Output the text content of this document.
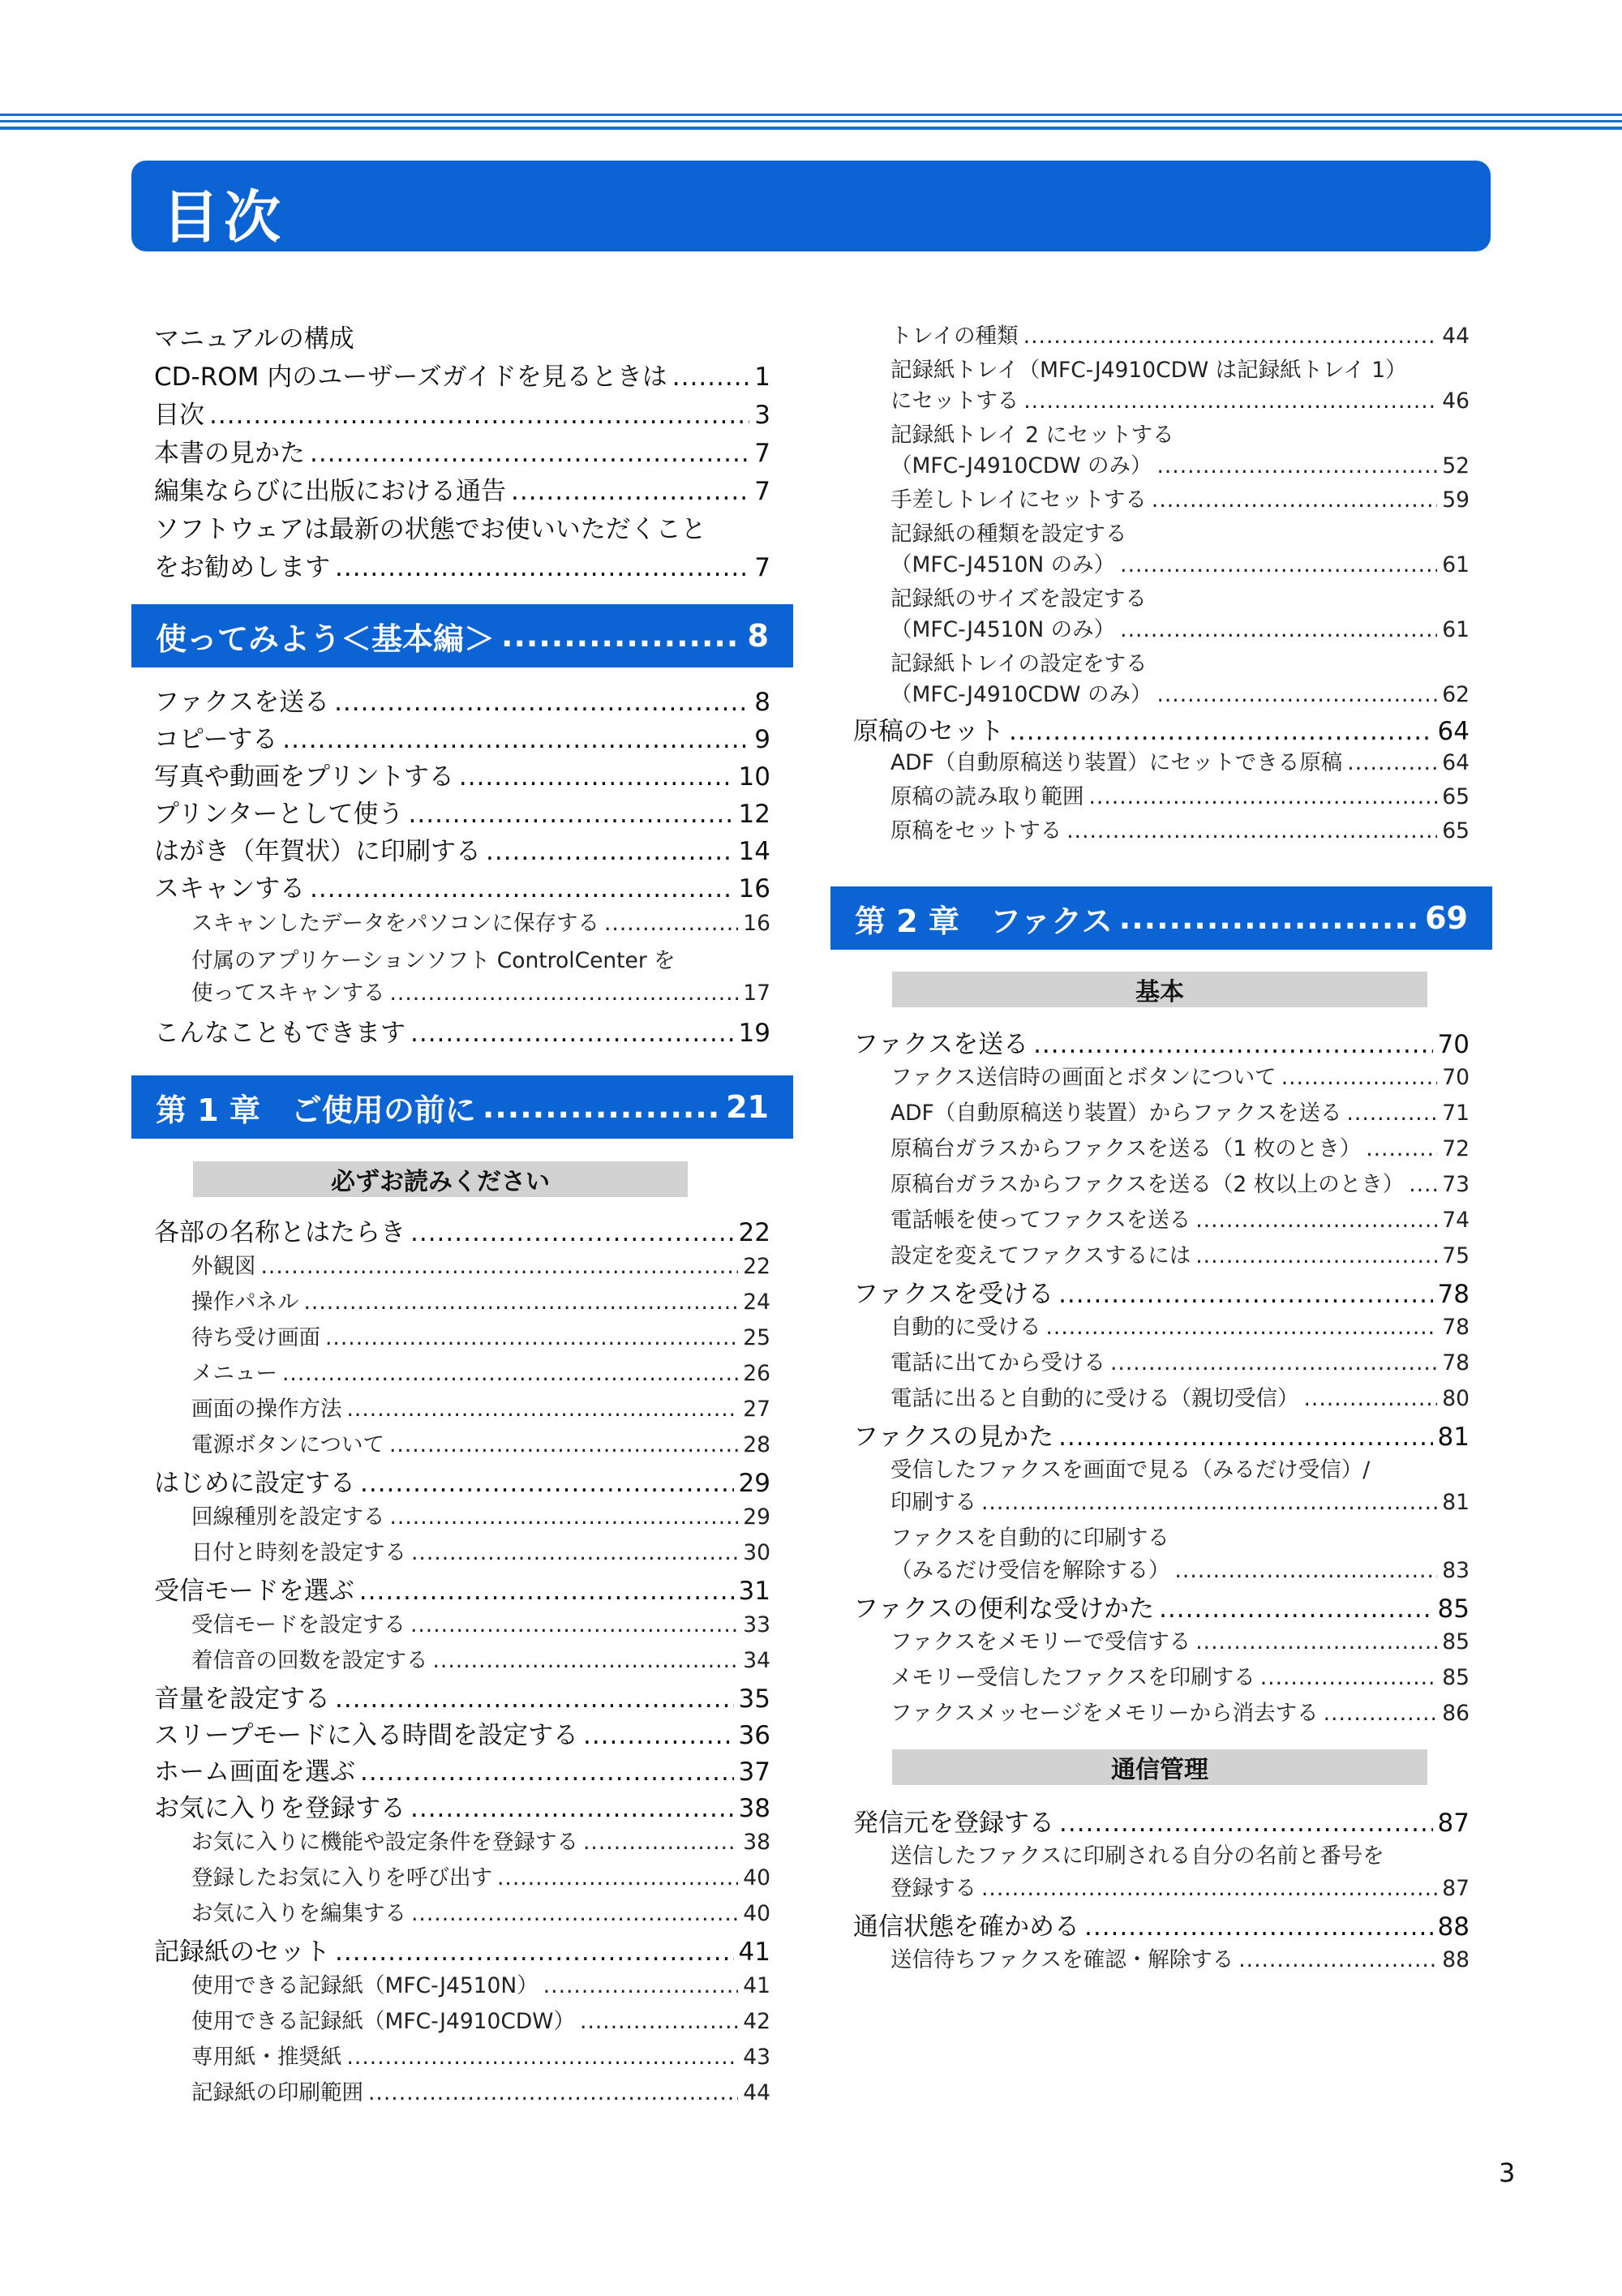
目次
マニュアルの構成
CD-ROM 内のユーザーズガイドを見るときは .....	1
目次 .....	3
本書の見かた .....	7
編集ならびに出版における通告 .....	7
ソフトウェアは最新の状態でお使いいただくこと
をお勧めします .....	7
使ってみよう＜基本編＞ .....	8
ファクスを送る .....	8
コピーする .....	9
写真や動画をプリントする .....	10
プリンターとして使う .....	12
はがき（年賀状）に印刷する .....	14
スキャンする .....	16
スキャンしたデータをパソコンに保存する .....	16
付属のアプリケーションソフト ControlCenter を
使ってスキャンする .....	17
こんなこともできます .....	19
第 1 章　ご使用の前に .....	21
必ずお読みください
各部の名称とはたらき .....	22
外観図 .....	22
操作パネル .....	24
待ち受け画面 .....	25
メニュー .....	26
画面の操作方法 .....	27
電源ボタンについて .....	28
はじめに設定する .....	29
回線種別を設定する .....	29
日付と時刻を設定する .....	30
受信モードを選ぶ .....	31
受信モードを設定する .....	33
着信音の回数を設定する .....	34
音量を設定する .....	35
スリープモードに入る時間を設定する .....	36
ホーム画面を選ぶ .....	37
お気に入りを登録する .....	38
お気に入りに機能や設定条件を登録する .....	38
登録したお気に入りを呼び出す .....	40
お気に入りを編集する .....	40
記録紙のセット .....	41
使用できる記録紙（MFC-J4510N） .....	41
使用できる記録紙（MFC-J4910CDW） .....	42
専用紙・推奨紙 .....	43
記録紙の印刷範囲 .....	44
トレイの種類 .....	44
記録紙トレイ（MFC-J4910CDW は記録紙トレイ 1）
にセットする .....	46
記録紙トレイ 2 にセットする
（MFC-J4910CDW のみ） .....	52
手差しトレイにセットする .....	59
記録紙の種類を設定する
（MFC-J4510N のみ） .....	61
記録紙のサイズを設定する
（MFC-J4510N のみ） .....	61
記録紙トレイの設定をする
（MFC-J4910CDW のみ） .....	62
原稿のセット .....	64
ADF（自動原稿送り装置）にセットできる原稿 .....	64
原稿の読み取り範囲 .....	65
原稿をセットする .....	65
第 2 章　ファクス .....	69
基本
ファクスを送る .....	70
ファクス送信時の画面とボタンについて .....	70
ADF（自動原稿送り装置）からファクスを送る .....	71
原稿台ガラスからファクスを送る（1 枚のとき） .....	72
原稿台ガラスからファクスを送る（2 枚以上のとき） ..... 73
電話帳を使ってファクスを送る .....	74
設定を変えてファクスするには .....	75
ファクスを受ける .....	78
自動的に受ける .....	78
電話に出てから受ける .....	78
電話に出ると自動的に受ける（親切受信） .....	80
ファクスの見かた .....	81
受信したファクスを画面で見る（みるだけ受信）/
印刷する .....	81
ファクスを自動的に印刷する
（みるだけ受信を解除する） .....	83
ファクスの便利な受けかた .....	85
ファクスをメモリーで受信する .....	85
メモリー受信したファクスを印刷する .....	85
ファクスメッセージをメモリーから消去する .....	86
通信管理
発信元を登録する .....	87
送信したファクスに印刷される自分の名前と番号を
登録する .....	87
通信状態を確かめる .....	88
送信待ちファクスを確認・解除する .....	88
3
